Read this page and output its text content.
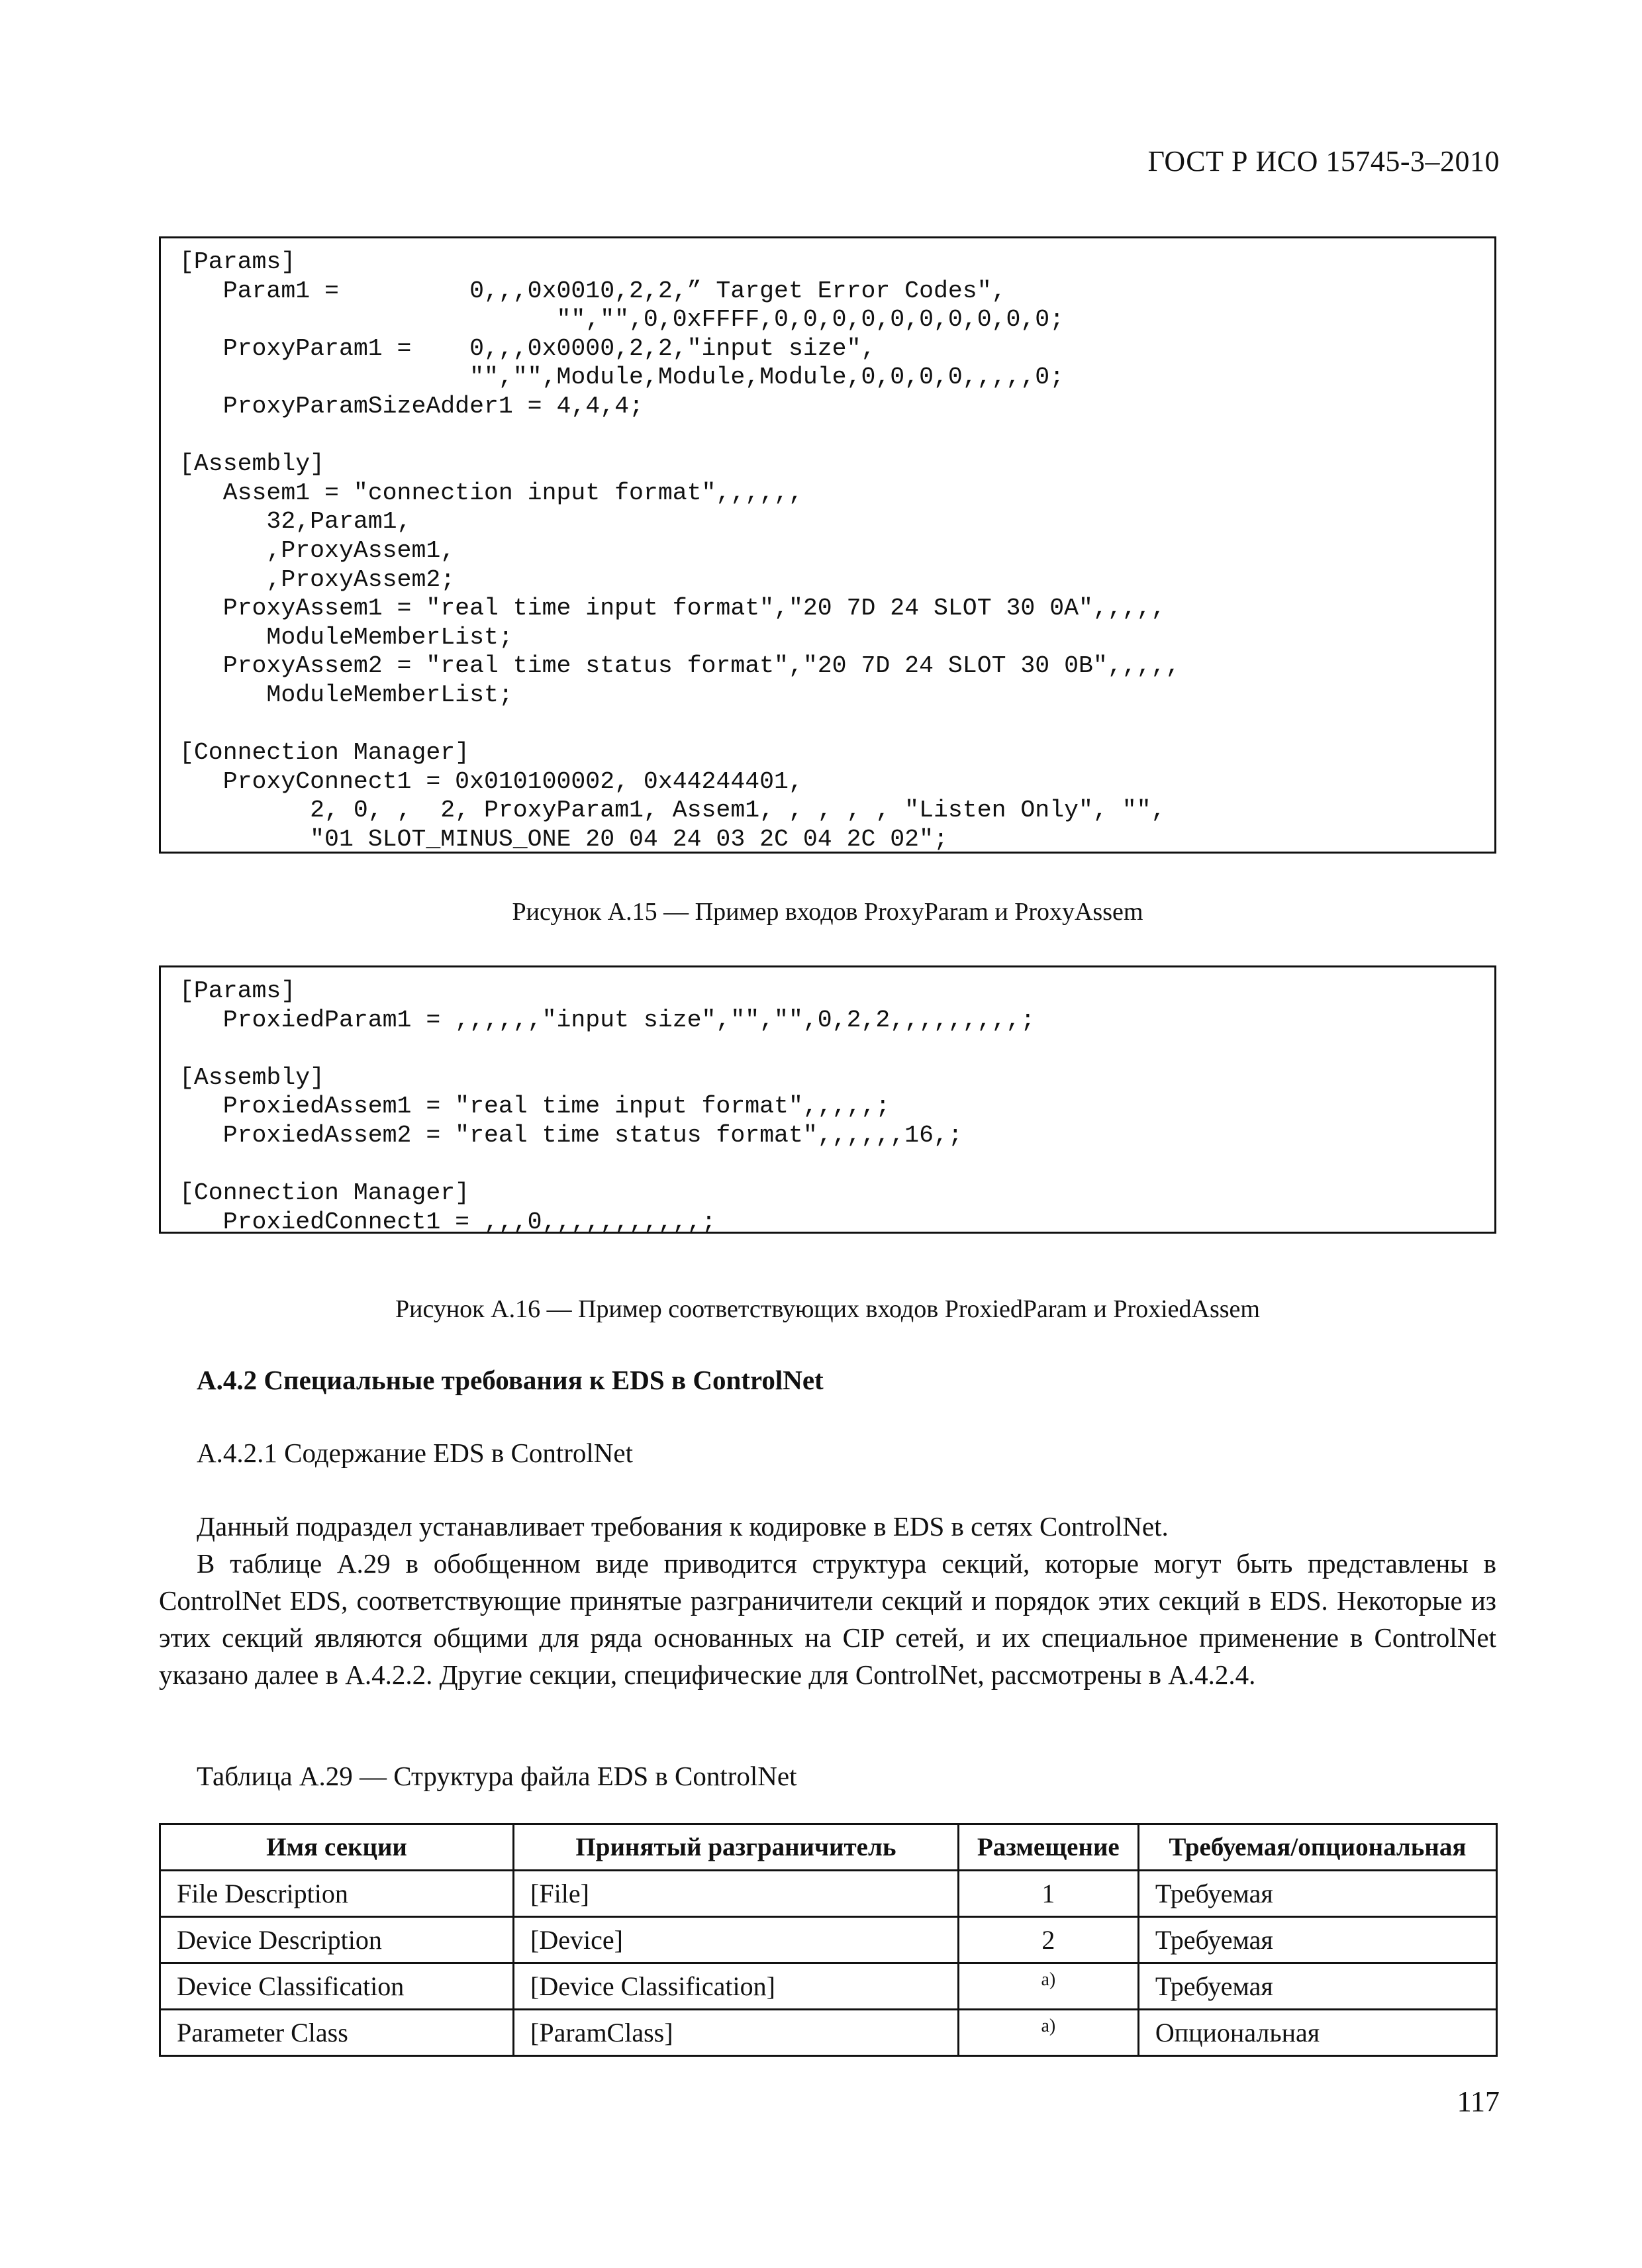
ГОСТ Р ИСО 15745-3–2010
[Params]
Param1 =         0,,,0x0010,2,2,” Target Error Codes",
"","",0,0xFFFF,0,0,0,0,0,0,0,0,0,0;
ProxyParam1 =    0,,,0x0000,2,2,"input size",
"","",Module,Module,Module,0,0,0,0,,,,,0;
ProxyParamSizeAdder1 = 4,4,4;

[Assembly]
Assem1 = "connection input format",,,,,,
32,Param1,
,ProxyAssem1,
,ProxyAssem2;
ProxyAssem1 = "real time input format","20 7D 24 SLOT 30 0A",,,,,
ModuleMemberList;
ProxyAssem2 = "real time status format","20 7D 24 SLOT 30 0B",,,,,
ModuleMemberList;

[Connection Manager]
ProxyConnect1 = 0x010100002, 0x44244401,
2, 0, ,  2, ProxyParam1, Assem1, , , , , "Listen Only", "",
"01 SLOT_MINUS_ONE 20 04 24 03 2C 04 2C 02";
Рисунок А.15 — Пример входов ProxyParam и ProxyAssem
[Params]
ProxiedParam1 = ,,,,,,"input size","","",0,2,2,,,,,,,,,;

[Assembly]
ProxiedAssem1 = "real time input format",,,,,;
ProxiedAssem2 = "real time status format",,,,,,16,;

[Connection Manager]
ProxiedConnect1 = ,,,0,,,,,,,,,,,;
Рисунок А.16 — Пример соответствующих входов ProxiedParam и ProxiedAssem
А.4.2 Специальные требования к EDS в ControlNet
А.4.2.1 Содержание EDS в ControlNet
Данный подраздел устанавливает требования к кодировке в EDS в сетях ControlNet.
В таблице А.29 в обобщенном виде приводится структура секций, которые могут быть представлены в ControlNet EDS, соответствующие принятые разграничители секций и порядок этих секций в EDS. Некоторые из этих секций являются общими для ряда основанных на CIP сетей, и их специальное применение в ControlNet указано далее в А.4.2.2. Другие секции, специфические для ControlNet, рассмотрены в А.4.2.4.
Таблица А.29 — Структура файла EDS в ControlNet
Имя секции	Принятый разграничитель	Размещение	Требуемая/опциональная
File Description	[File]	1	Требуемая
Device Description	[Device]	2	Требуемая
Device Classification	[Device Classification]	a)	Требуемая
Parameter Class	[ParamClass]	a)	Опциональная
117
